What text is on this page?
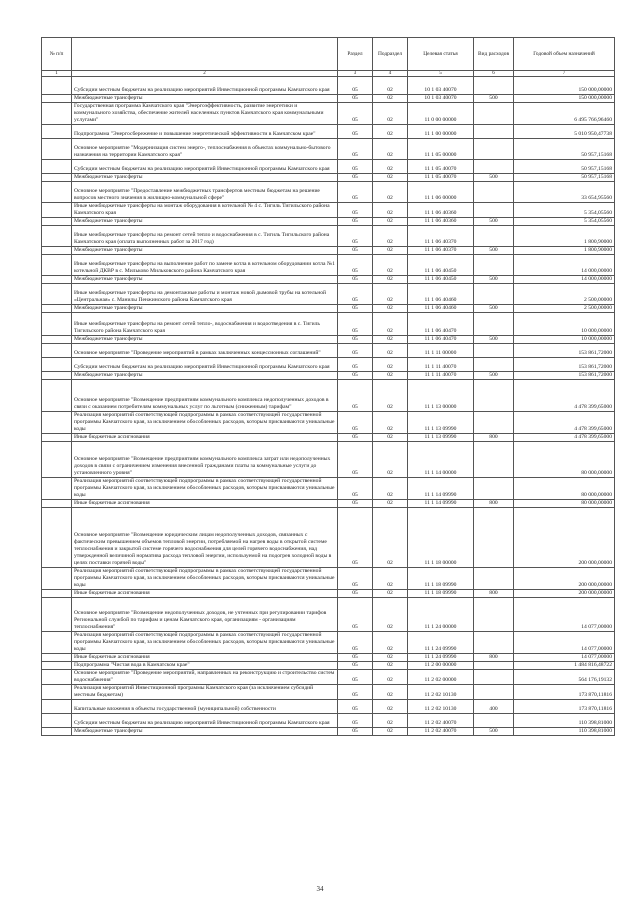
№ п/п		Раздел	Подраздел	Целевая статья	Вид расходов	Годовой объем назначений
1	2	3	4	5	6	7
	Субсидии местным бюджетам на реализацию мероприятий Инвестиционной программы Камчатского края	05	02	10 1 03 40070		150 000,00000
	Межбюджетные трансферты	05	02	10 1 03 40070	500	150 000,00000
	Государственная программа Камчатского края "Энергоэффективность, развитие энергетики и коммунального хозяйства, обеспечение жителей населенных пунктов Камчатского края коммунальными услугами"	05	02	11 0 00 00000		6 495 766,96460
	Подпрограмма "Энергосбережение и повышение энергетической эффективности в Камчатском крае"	05	02	11 1 00 00000		5 010 950,47738
	Основное мероприятие "Модернизация систем энерго-, теплоснабжения в объектах коммунально-бытового назначения на территории Камчатского края"	05	02	11 1 05 00000		50 957,15168
	Субсидии местным бюджетам на реализацию мероприятий Инвестиционной программы Камчатского края	05	02	11 1 05 40070		50 957,15168
	Межбюджетные трансферты	05	02	11 1 05 40070	500	50 957,15168
	Основное мероприятие "Предоставление межбюджетных трансфертов местным бюджетам на решение вопросов местного значения в жилищно-коммунальной сфере"	05	02	11 1 06 00000		33 654,95560
	Иные межбюджетные трансферты на монтаж оборудования в котельной № 4 с. Тигиль Тигильского района Камчатского края	05	02	11 1 06 40360		5 354,05560
	Межбюджетные трансферты	05	02	11 1 06 40360	500	5 354,05560
	Иные межбюджетные трансферты на ремонт сетей тепло и водоснабжения в с. Тигиль Тигильского района Камчатского края (оплата выполненных работ за 2017 год)	05	02	11 1 06 40370		1 800,90000
	Межбюджетные трансферты	05	02	11 1 06 40370	500	1 800,90000
	Иные межбюджетные трансферты на выполнение работ по замене котла в котельном оборудовании котла №1 котельной ДКВР в с. Мильково Мильковского района Камчатского края	05	02	11 1 06 40450		14 000,00000
	Межбюджетные трансферты	05	02	11 1 06 40450	500	14 000,00000
	Иные межбюджетные трансферты на демонтажные работы и монтаж новой дымовой трубы на котельной «Центральная» с. Манилы Пенжинского района Камчатского края	05	02	11 1 06 40460		2 500,00000
	Межбюджетные трансферты	05	02	11 1 06 40460	500	2 500,00000
	Иные межбюджетные трансферты на ремонт сетей тепло-, водоснабжения и водоотведения в с. Тигиль Тигильского района Камчатского края	05	02	11 1 06 40470		10 000,00000
	Межбюджетные трансферты	05	02	11 1 06 40470	500	10 000,00000
	Основное мероприятие "Проведение мероприятий в рамках заключенных концессионных соглашений"	05	02	11 1 11 00000		153 861,72000
	Субсидии местным бюджетам на реализацию мероприятий Инвестиционной программы Камчатского края	05	02	11 1 11 40070		153 861,72000
	Межбюджетные трансферты	05	02	11 1 11 40070	500	153 861,72000
	Основное мероприятие "Возмещение предприятиям коммунального комплекса недополученных доходов в связи с оказанием потребителям коммунальных услуг по льготным (сниженным) тарифам"	05	02	11 1 13 00000		4 478 399,65000
	Реализация мероприятий соответствующей подпрограммы в рамках соответствующей государственной программы Камчатского края, за исключением обособленных расходов, которым присваиваются уникальные коды	05	02	11 1 13 09990		4 478 399,65000
	Иные бюджетные ассигнования	05	02	11 1 13 09990	800	4 478 399,65000
	Основное мероприятие "Возмещение предприятиям коммунального комплекса затрат или недополученных доходов в связи с ограничением изменения внесенной гражданами платы за коммунальные услуги до установленного уровня"	05	02	11 1 14 00000		80 000,00000
	Реализация мероприятий соответствующей подпрограммы в рамках соответствующей государственной программы Камчатского края, за исключением обособленных расходов, которым присваиваются уникальные коды	05	02	11 1 14 09990		80 000,00000
	Иные бюджетные ассигнования	05	02	11 1 14 09990	800	80 000,00000
	Основное мероприятие "Возмещение юридическим лицам недополученных доходов, связанных с фактическим превышением объемов тепловой энергии, потребляемой на нагрев воды в открытой системе теплоснабжения и закрытой системе горячего водоснабжения для целей горячего водоснабжения, над утвержденной величиной норматива расхода тепловой энергии, используемой на подогрев холодной воды в целях поставки горячей воды"	05	02	11 1 18 00000		200 000,00000
	Реализация мероприятий соответствующей подпрограммы в рамках соответствующей государственной программы Камчатского края, за исключением обособленных расходов, которым присваиваются уникальные коды	05	02	11 1 18 09990		200 000,00000
	Иные бюджетные ассигнования	05	02	11 1 18 09990	800	200 000,00000
	Основное мероприятие "Возмещение недополученных доходов, не учтенных при регулировании тарифов Региональной службой по тарифам и ценам Камчатского края, организациям - организациям теплоснабжения"	05	02	11 1 24 00000		14 077,00000
	Реализация мероприятий соответствующей подпрограммы в рамках соответствующей государственной программы Камчатского края, за исключением обособленных расходов, которым присваиваются уникальные коды	05	02	11 1 24 09990		14 077,00000
	Иные бюджетные ассигнования	05	02	11 1 24 09990	800	14 077,00000
	Подпрограмма "Чистая вода в Камчатском крае"	05	02	11 2 00 00000		1 484 816,48722
	Основное мероприятие "Проведение мероприятий, направленных на реконструкцию и строительство систем водоснабжения"	05	02	11 2 02 00000		564 176,19132
	Реализация мероприятий Инвестиционной программы Камчатского края (за исключением субсидий местным бюджетам)	05	02	11 2 02 10130		173 870,11816
	Капитальные вложения в объекты государственной (муниципальной) собственности	05	02	11 2 02 10130	400	173 870,11816
	Субсидии местным бюджетам на реализацию мероприятий Инвестиционной программы Камчатского края	05	02	11 2 02 40070		110 398,81000
	Межбюджетные трансферты	05	02	11 2 02 40070	500	110 398,81000
34
